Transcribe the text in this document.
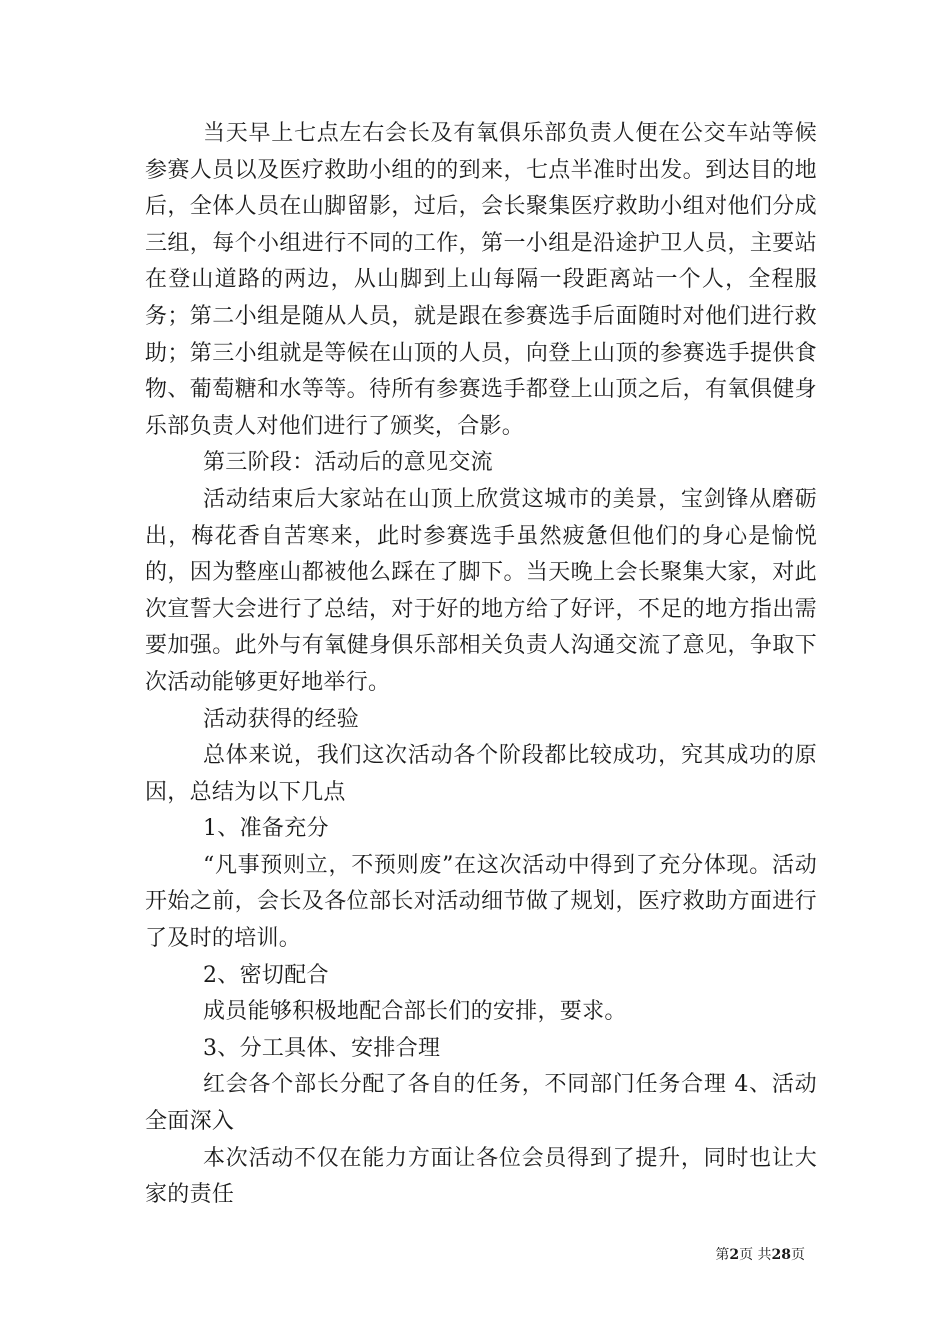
当天早上七点左右会长及有氧俱乐部负责人便在公交车站等候参赛人员以及医疗救助小组的的到来，七点半准时出发。到达目的地后，全体人员在山脚留影，过后，会长聚集医疗救助小组对他们分成三组，每个小组进行不同的工作，第一小组是沿途护卫人员，主要站在登山道路的两边，从山脚到上山每隔一段距离站一个人，全程服务；第二小组是随从人员，就是跟在参赛选手后面随时对他们进行救助；第三小组就是等候在山顶的人员，向登上山顶的参赛选手提供食物、葡萄糖和水等等。待所有参赛选手都登上山顶之后，有氧俱健身乐部负责人对他们进行了颁奖，合影。

第三阶段：活动后的意见交流

活动结束后大家站在山顶上欣赏这城市的美景，宝剑锋从磨砺出，梅花香自苦寒来，此时参赛选手虽然疲惫但他们的身心是愉悦的，因为整座山都被他么踩在了脚下。当天晚上会长聚集大家，对此次宣誓大会进行了总结，对于好的地方给了好评，不足的地方指出需要加强。此外与有氧健身俱乐部相关负责人沟通交流了意见，争取下次活动能够更好地举行。

活动获得的经验

总体来说，我们这次活动各个阶段都比较成功，究其成功的原因，总结为以下几点

1、准备充分

“凡事预则立，不预则废”在这次活动中得到了充分体现。活动开始之前，会长及各位部长对活动细节做了规划，医疗救助方面进行了及时的培训。

2、密切配合

成员能够积极地配合部长们的安排，要求。

3、分工具体、安排合理

红会各个部长分配了各自的任务，不同部门任务合理 4、活动全面深入

本次活动不仅在能力方面让各位会员得到了提升，同时也让大家的责任

第2页 共28页
